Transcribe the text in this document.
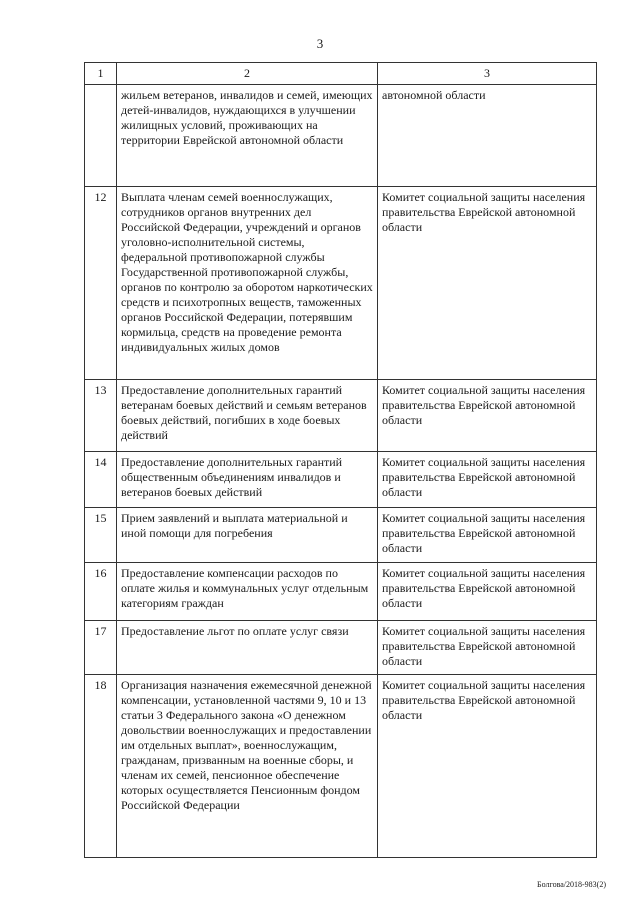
3
1	2	3
	жильем ветеранов, инвалидов и семей, имеющих детей-инвалидов, нуждающихся в улучшении жилищных условий, проживающих на территории Еврейской автономной области	автономной области
12	Выплата членам семей военнослужащих, сотрудников органов внутренних дел Российской Федерации, учреждений и органов уголовно-исполнительной системы, федеральной противопожарной службы Государственной противопожарной службы, органов по контролю за оборотом наркотических средств и психотропных веществ, таможенных органов Российской Федерации, потерявшим кормильца, средств на проведение ремонта индивидуальных жилых домов	Комитет социальной защиты населения правительства Еврейской автономной области
13	Предоставление дополнительных гарантий ветеранам боевых действий и семьям ветеранов боевых действий, погибших в ходе боевых действий	Комитет социальной защиты населения правительства Еврейской автономной области
14	Предоставление дополнительных гарантий общественным объединениям инвалидов и ветеранов боевых действий	Комитет социальной защиты населения правительства Еврейской автономной области
15	Прием заявлений и выплата материальной и иной помощи для погребения	Комитет социальной защиты населения правительства Еврейской автономной области
16	Предоставление компенсации расходов по оплате жилья и коммунальных услуг отдельным категориям граждан	Комитет социальной защиты населения правительства Еврейской автономной области
17	Предоставление льгот по оплате услуг связи	Комитет социальной защиты населения правительства Еврейской автономной области
18	Организация назначения ежемесячной денежной компенсации, установленной частями 9, 10 и 13 статьи 3 Федерального закона «О денежном довольствии военнослужащих и предоставлении им отдельных выплат», военнослужащим, гражданам, призванным на военные сборы, и членам их семей, пенсионное обеспечение которых осуществляется Пенсионным фондом Российской Федерации	Комитет социальной защиты населения правительства Еврейской автономной области
Болгова/2018-983(2)
